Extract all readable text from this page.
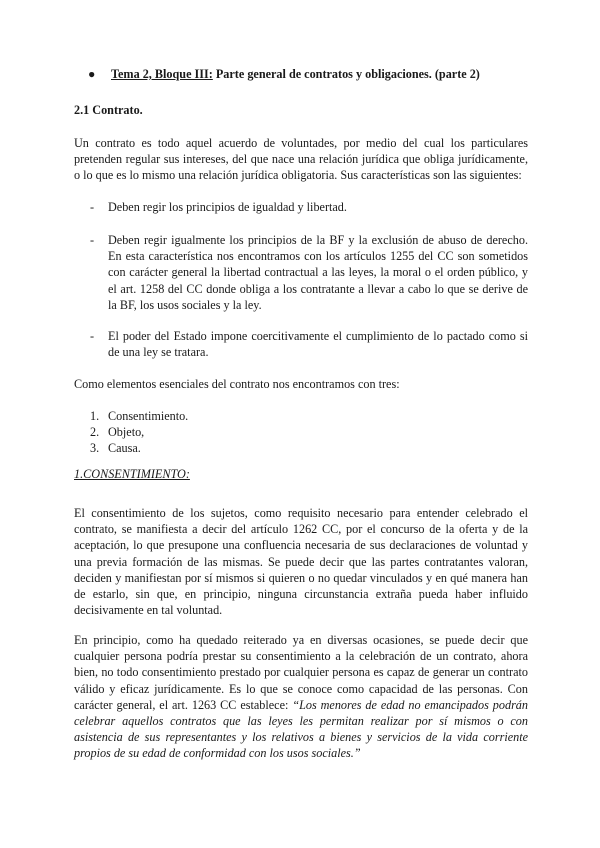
● Tema 2, Bloque III: Parte general de contratos y obligaciones. (parte 2)

2.1 Contrato.

Un contrato es todo aquel acuerdo de voluntades, por medio del cual los particulares pretenden regular sus intereses, del que nace una relación jurídica que obliga jurídicamente, o lo que es lo mismo una relación jurídica obligatoria. Sus características son las siguientes:

- Deben regir los principios de igualdad y libertad.
- Deben regir igualmente los principios de la BF y la exclusión de abuso de derecho. En esta característica nos encontramos con los artículos 1255 del CC son sometidos con carácter general la libertad contractual a las leyes, la moral o el orden público, y el art. 1258 del CC donde obliga a los contratante a llevar a cabo lo que se derive de la BF, los usos sociales y la ley.
- El poder del Estado impone coercitivamente el cumplimiento de lo pactado como si de una ley se tratara.

Como elementos esenciales del contrato nos encontramos con tres:

1. Consentimiento.
2. Objeto,
3. Causa.

1.CONSENTIMIENTO:

El consentimiento de los sujetos, como requisito necesario para entender celebrado el contrato, se manifiesta a decir del artículo 1262 CC, por el concurso de la oferta y de la aceptación, lo que presupone una confluencia necesaria de sus declaraciones de voluntad y una previa formación de las mismas. Se puede decir que las partes contratantes valoran, deciden y manifiestan por sí mismos si quieren o no quedar vinculados y en qué manera han de estarlo, sin que, en principio, ninguna circunstancia extraña pueda haber influido decisivamente en tal voluntad.

En principio, como ha quedado reiterado ya en diversas ocasiones, se puede decir que cualquier persona podría prestar su consentimiento a la celebración de un contrato, ahora bien, no todo consentimiento prestado por cualquier persona es capaz de generar un contrato válido y eficaz jurídicamente. Es lo que se conoce como capacidad de las personas. Con carácter general, el art. 1263 CC establece: “Los menores de edad no emancipados podrán celebrar aquellos contratos que las leyes les permitan realizar por sí mismos o con asistencia de sus representantes y los relativos a bienes y servicios de la vida corriente propios de su edad de conformidad con los usos sociales.”
